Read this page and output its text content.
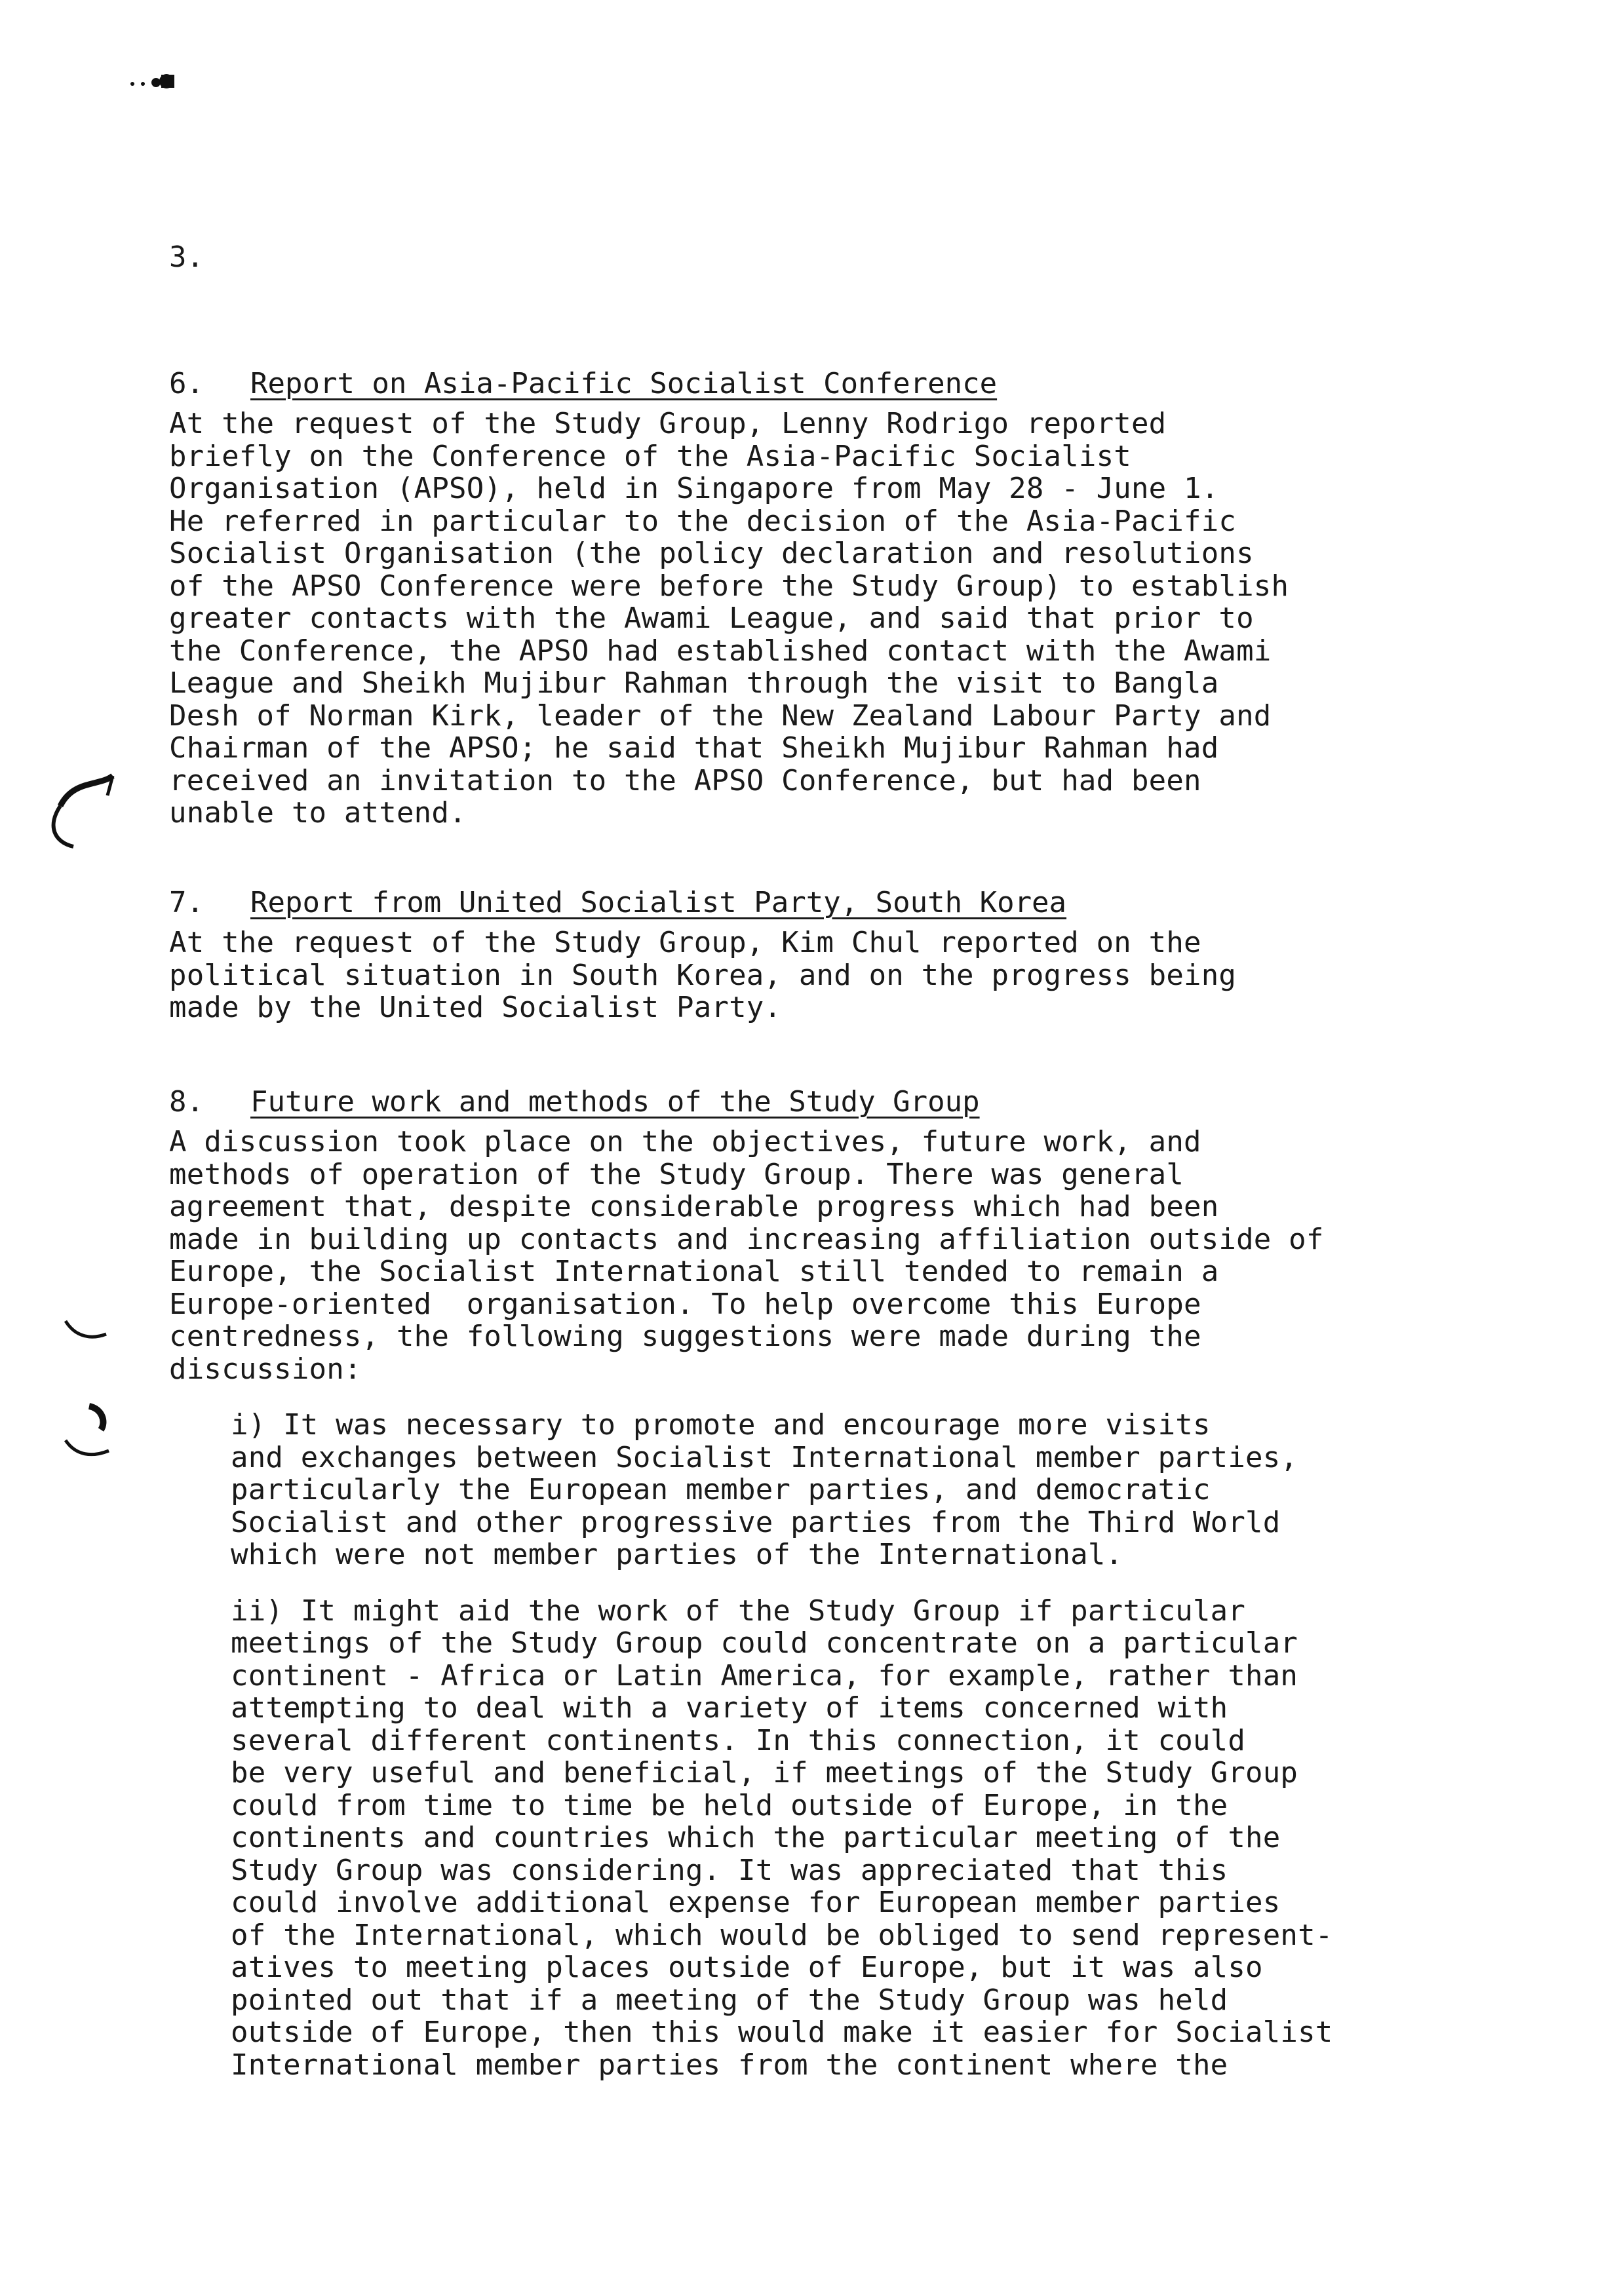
3.
6. Report on Asia-Pacific Socialist Conference

At the request of the Study Group, Lenny Rodrigo reported

briefly on the Conference of the Asia-Pacific Socialist

Organisation (APSO), held in Singapore from May 28 - June 1.

He referred in particular to the decision of the Asia-Pacific

Socialist Organisation (the policy declaration and resolutions

of the APSO Conference were before the Study Group) to establish

greater contacts with the Awami League, and said that prior to

the Conference, the APSO had established contact with the Awami

League and Sheikh Mujibur Rahman through the visit to Bangla

Desh of Norman Kirk, leader of the New Zealand Labour Party and

Chairman of the APSO; he said that Sheikh Mujibur Rahman had

received an invitation to the APSO Conference, but had been

unable to attend.

7. Report from United Socialist Party, South Korea

At the request of the Study Group, Kim Chul reported on the

political situation in South Korea, and on the progress being

made by the United Socialist Party.

8. Future work and methods of the Study Group

A discussion took place on the objectives, future work, and

methods of operation of the Study Group. There was general

agreement that, despite considerable progress which had been

made in building up contacts and increasing affiliation outside of

Europe, the Socialist International still tended to remain a

Europe-oriented  organisation. To help overcome this Europe

centredness, the following suggestions were made during the

discussion:

i) It was necessary to promote and encourage more visits

and exchanges between Socialist International member parties,

particularly the European member parties, and democratic

Socialist and other progressive parties from the Third World

which were not member parties of the International.

ii) It might aid the work of the Study Group if particular

meetings of the Study Group could concentrate on a particular

continent - Africa or Latin America, for example, rather than

attempting to deal with a variety of items concerned with

several different continents. In this connection, it could

be very useful and beneficial, if meetings of the Study Group

could from time to time be held outside of Europe, in the

continents and countries which the particular meeting of the

Study Group was considering. It was appreciated that this

could involve additional expense for European member parties

of the International, which would be obliged to send represent-

atives to meeting places outside of Europe, but it was also

pointed out that if a meeting of the Study Group was held

outside of Europe, then this would make it easier for Socialist

International member parties from the continent where the
